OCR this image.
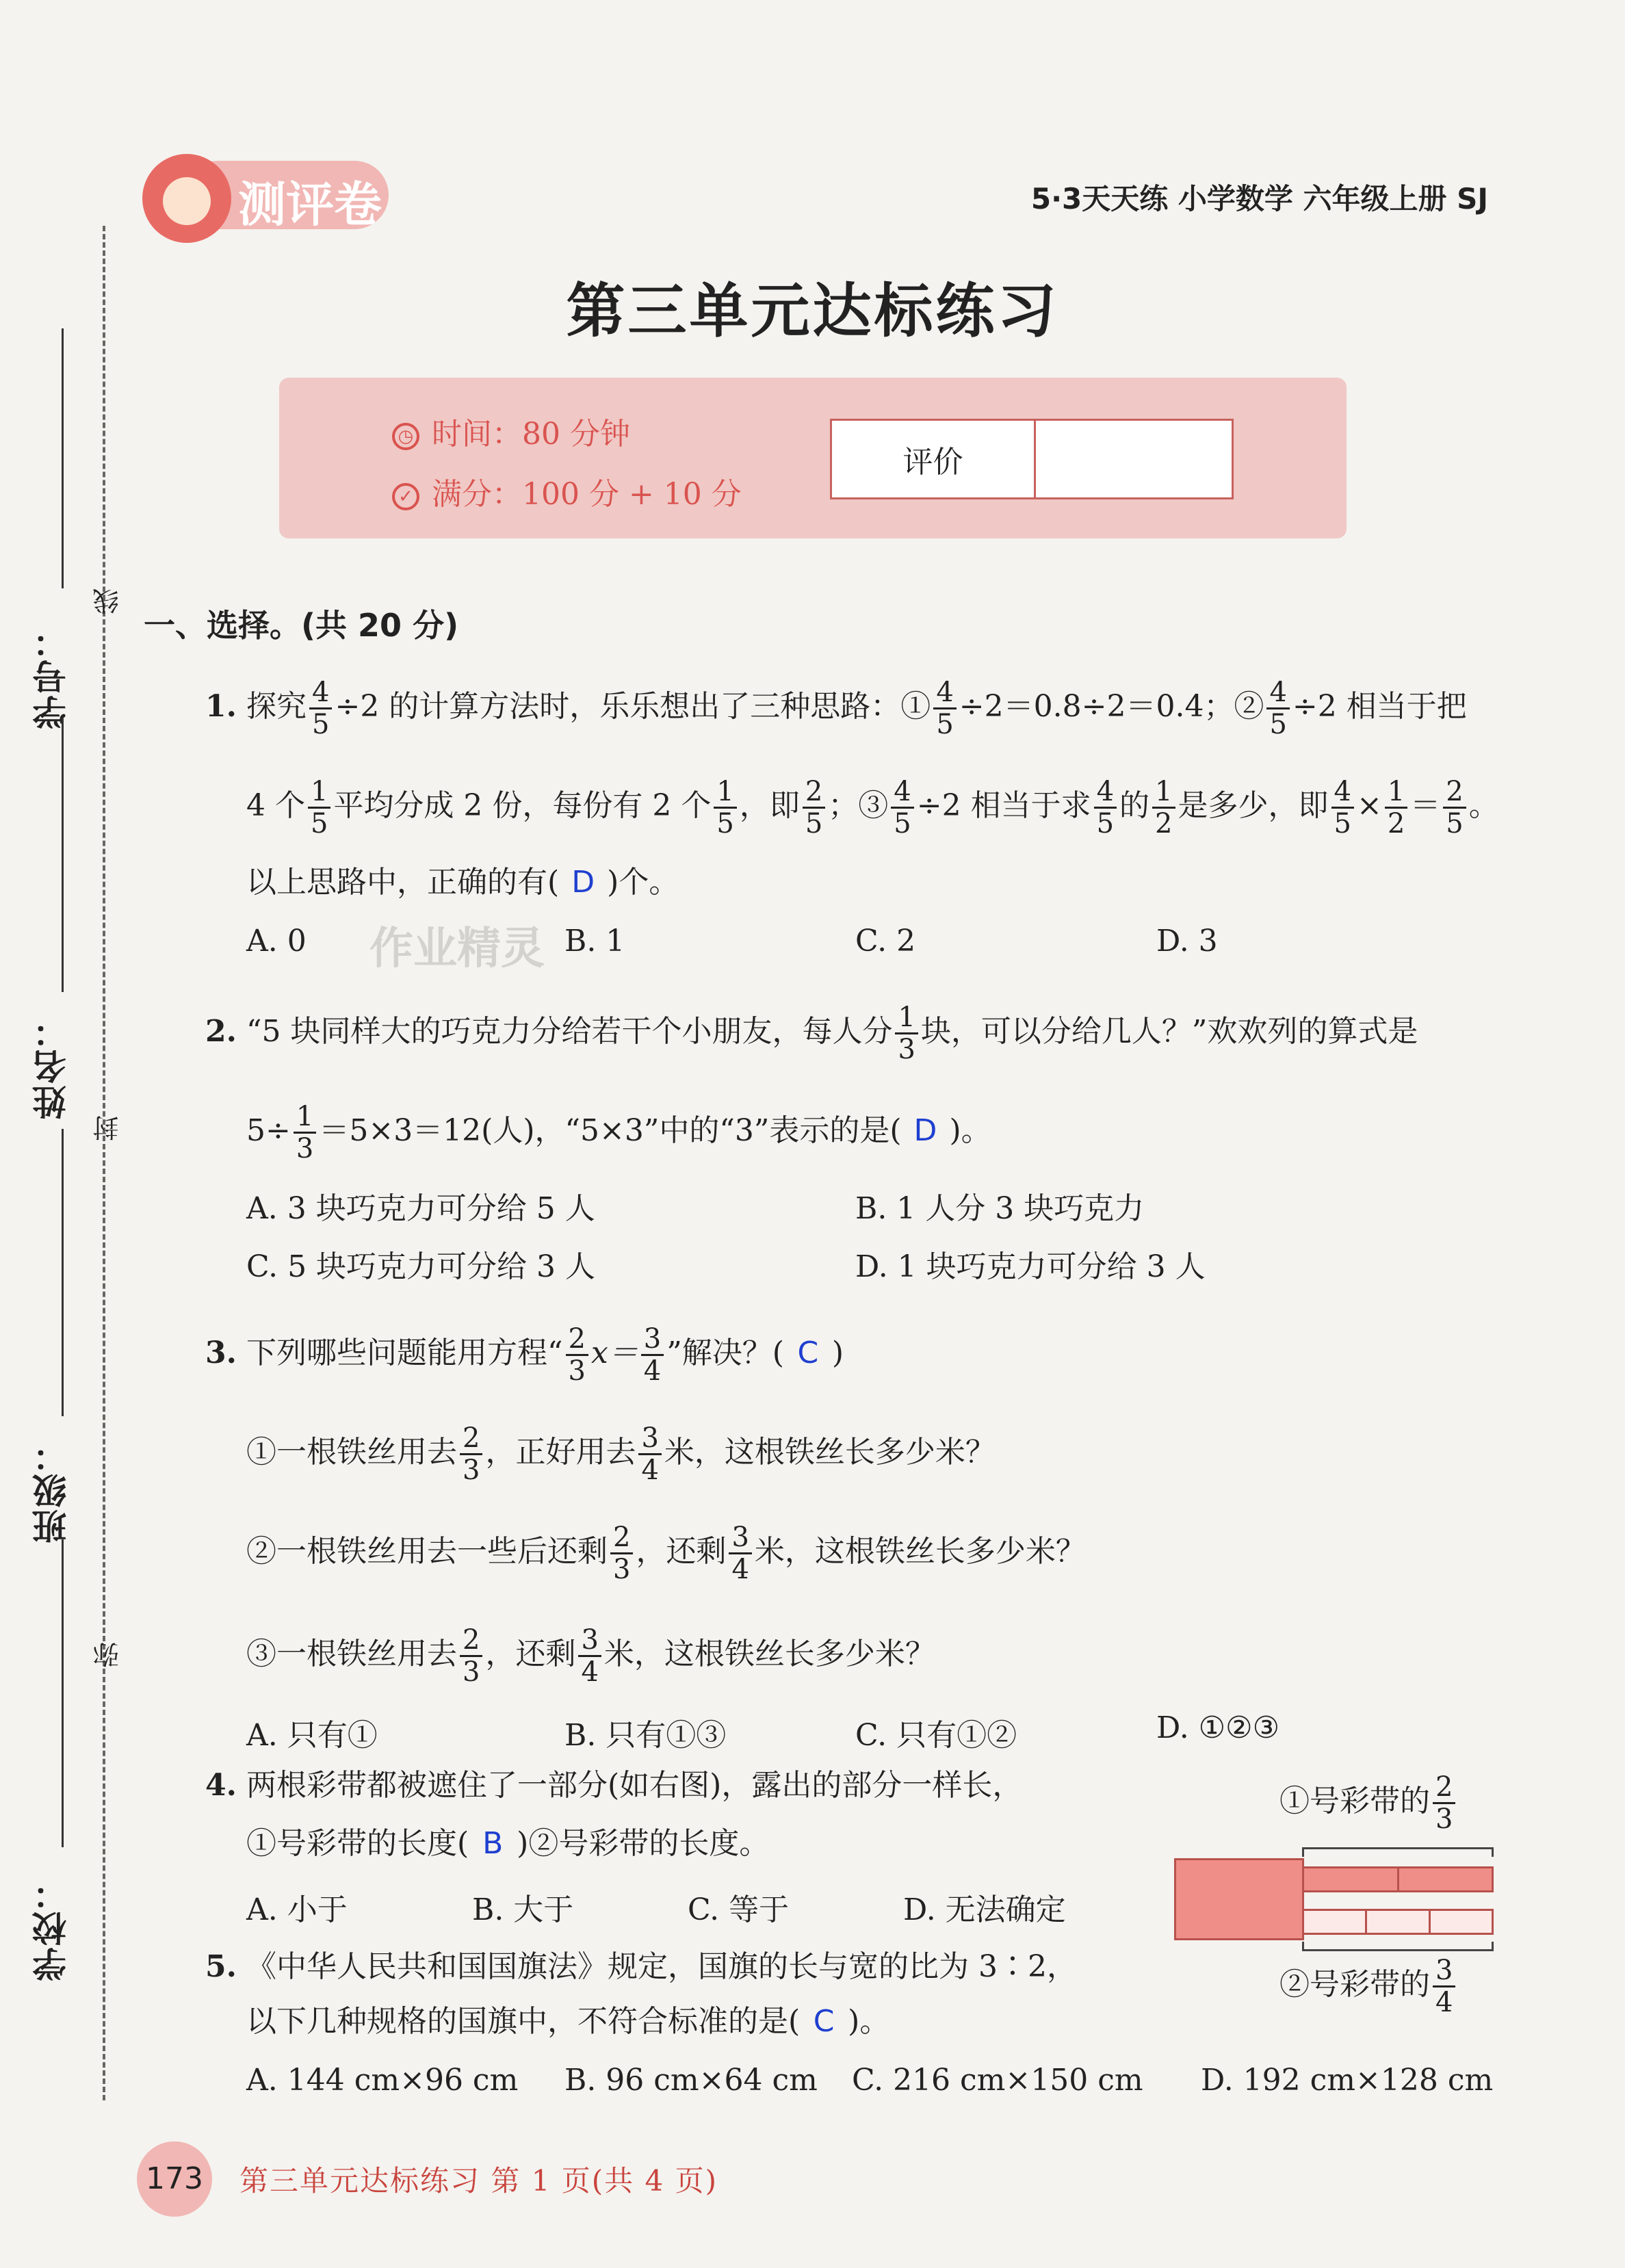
学号：
姓名：
班级：
学校：
线
封
弥
测评卷	5·3天天练 小学数学 六年级上册 SJ
第三单元达标练习
◷ 时间：80 分钟
✓ 满分：100 分 + 10 分
评价
一、选择。(共 20 分)
1. 探究 $\frac{4}{5} \div 2$ 的计算方法时，乐乐想出了三种思路：① $\frac{4}{5} \div 2=0.8\div 2=0.4$；② $\frac{4}{5} \div 2$ 相当于把
4 个 $\frac{1}{5}$ 平均分成 2 份，每份有 2 个 $\frac{1}{5}$ ，即 $\frac{2}{5}$ ；③ $\frac{4}{5} \div 2$ 相当于求 $\frac{4}{5}$ 的 $\frac{1}{2}$ 是多少，即 $\frac{4}{5} \times \frac{1}{2} = \frac{2}{5}$ 。
以上思路中，正确的有( D )个。
A. 0	B. 1	C. 2	D. 3
作业精灵
2. “5 块同样大的巧克力分给若干个小朋友，每人分 $\frac{1}{3}$ 块，可以分给几人？”欢欢列的算式是
$5\div \frac{1}{3} =5\times 3=12$(人)，“5×3”中的“3”表示的是( D )。
A. 3 块巧克力可分给 5 人	B. 1 人分 3 块巧克力
C. 5 块巧克力可分给 3 人	D. 1 块巧克力可分给 3 人
3. 下列哪些问题能用方程“ $\frac{2}{3} x= \frac{3}{4}$ ”解决？( C )
①一根铁丝用去 $\frac{2}{3}$ ，正好用去 $\frac{3}{4}$ 米，这根铁丝长多少米？
②一根铁丝用去一些后还剩 $\frac{2}{3}$ ，还剩 $\frac{3}{4}$ 米，这根铁丝长多少米？
③一根铁丝用去 $\frac{2}{3}$ ，还剩 $\frac{3}{4}$ 米，这根铁丝长多少米？
A. 只有①	B. 只有①③	C. 只有①②	D. ①②③
4. 两根彩带都被遮住了一部分(如右图)，露出的部分一样长，
①号彩带的长度( B )②号彩带的长度。
A. 小于	B. 大于	C. 等于	D. 无法确定
①号彩带的 $\frac{2}{3}$
②号彩带的 $\frac{3}{4}$
5. 《中华人民共和国国旗法》规定，国旗的长与宽的比为 3∶2，
以下几种规格的国旗中，不符合标准的是( C )。
A. 144 cm×96 cm B. 96 cm×64 cm C. 216 cm×150 cm D. 192 cm×128 cm
173	第三单元达标练习 第 1 页(共 4 页)
